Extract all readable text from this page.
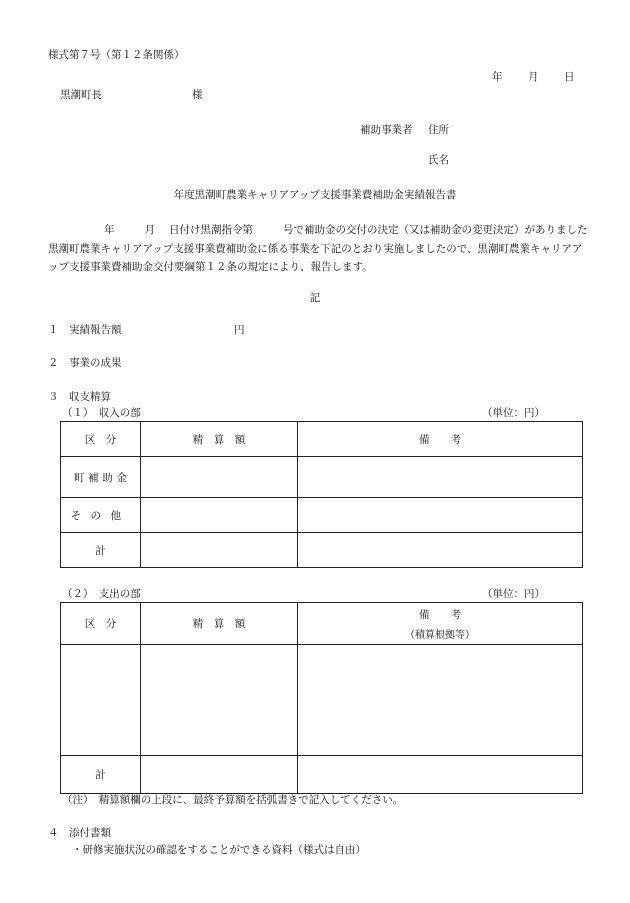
様式第７号（第１２条関係）
年 月 日
黒潮町長	様
補助事業者 住所
氏名
年度黒潮町農業キャリアアップ支援事業費補助金実績報告書
年	月 日付け黒潮指令第	号で補助金の交付の決定（又は補助金の変更決定）がありました黒潮町農業キャリアアップ支援事業費補助金に係る事業を下記のとおり実施しましたので、黒潮町農業キャリアアップ支援事業費補助金交付要綱第１２条の規定により、報告します。
記
１　実績報告額	円
２　事業の成果
３　収支精算
（１）　収入の部	（単位：円）
区　分	精　算　額	備　　考
町補助金		
その他		
計		
（２）　支出の部	（単位：円）
区　分	精　算　額	備　　考
（積算根拠等）

計		
（注）　精算額欄の上段に、最終予算額を括弧書きで記入してください。
４　添付書類
・研修実施状況の確認をすることができる資料（様式は自由）
